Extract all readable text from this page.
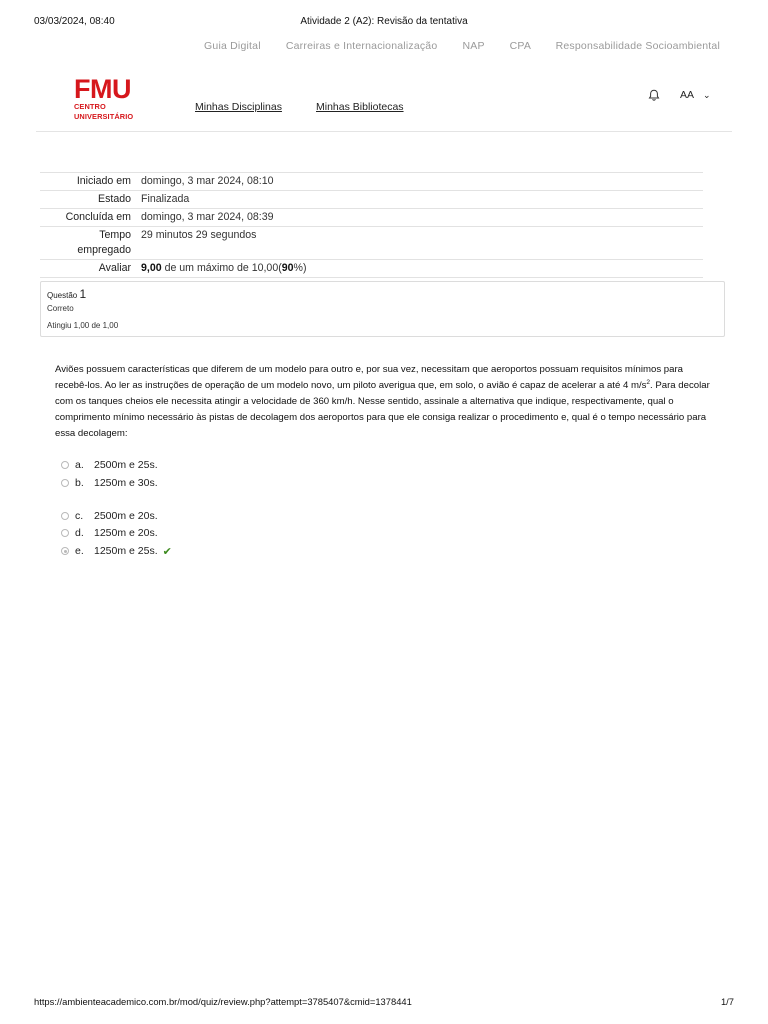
03/03/2024, 08:40	Atividade 2 (A2): Revisão da tentativa
Guia Digital Carreiras e Internacionalização NAP CPA Responsabilidade Socioambiental
FMU
CENTRO UNIVERSITÁRIO
Minhas Disciplinas	Minhas Bibliotecas
AA ⌄
Iniciado em domingo, 3 mar 2024, 08:10
Estado Finalizada
Concluída em domingo, 3 mar 2024, 08:39
Tempo
empregado
29 minutos 29 segundos
Avaliar 9,00 de um máximo de 10,00(90%)
Questão 1
Correto
Atingiu 1,00 de 1,00
Aviões possuem características que diferem de um modelo para outro e, por sua vez, necessitam que aeroportos possuam requisitos mínimos para recebê-los. Ao ler as instruções de operação de um modelo novo, um piloto averigua que, em solo, o avião é capaz de acelerar a até 4 $m/s^2$. Para decolar com os tanques cheios ele necessita atingir a velocidade de 360 km/h. Nesse sentido, assinale a alternativa que indique, respectivamente, qual o comprimento mínimo necessário às pistas de decolagem dos aeroportos para que ele consiga realizar o procedimento e, qual é o tempo necessário para essa decolagem:
a. 2500m e 25s.
b. 1250m e 30s.
c.	2500m e 20s.
d. 1250m e 20s.
e. 1250m e 25s. ✔
https://ambienteacademico.com.br/mod/quiz/review.php?attempt=3785407&cmid=1378441	1/7
